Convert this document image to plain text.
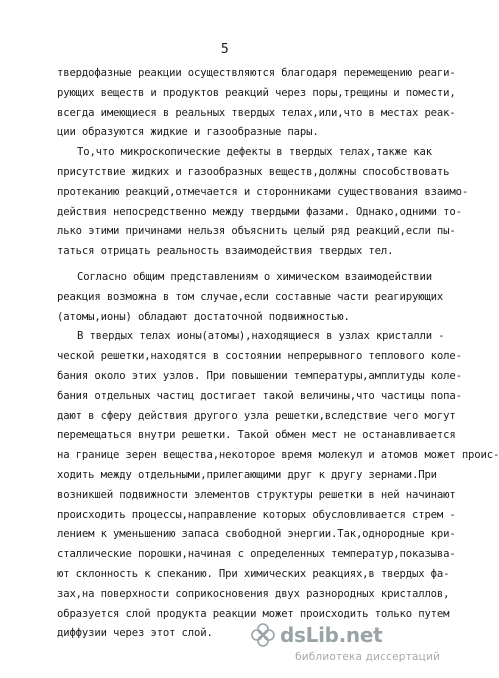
5
твердофазные реакции осуществляются благодаря перемещению реаги-
рующих веществ и продуктов реакций через поры,трещины и помести,
всегда имеющиеся в реальных твердых телах,или,что в местах реак-
ции образуются жидкие и газообразные пары.
То,что микроскопические дефекты в твердых телах,также как
присутствие жидких и газообразных веществ,должны способствовать
протеканию реакций,отмечается и сторонниками существования взаимо-
действия непосредственно между твердыми фазами. Однако,одними то-
лько этими причинами нельзя объяснить целый ряд реакций,если пы-
таться отрицать реальность взаимодействия твердых тел.
Согласно общим представлениям о химическом взаимодействии
реакция возможна в том случае,если составные части реагирующих
(атомы,ионы) обладают достаточной подвижностью.
В твердых телах ионы(атомы),находящиеся в узлах кристалли -
ческой решетки,находятся в состоянии непрерывного теплового коле-
бания около этих узлов. При повышении температуры,амплитуды коле-
бания отдельных частиц достигает такой величины,что частицы попа-
дают в сферу действия другого узла решетки,вследствие чего могут
перемещаться внутри решетки. Такой обмен мест не останавливается
на границе зерен вещества,некоторое время молекул и атомов может проис-
ходить между отдельными,прилегающими друг к другу зернами.При
возникшей подвижности элементов структуры решетки в ней начинают
происходить процессы,направление которых обусловливается стрем -
лением к уменьшению запаса свободной энергии.Так,однородные кри-
сталлические порошки,начиная с определенных температур,показыва-
ют склонность к спеканию. При химических реакциях,в твердых фа-
зах,на поверхности соприкосновения двух разнородных кристаллов,
образуется слой продукта реакции может происходить только путем
диффузии через этот слой.	dsLib.net
библиотека диссертаций
